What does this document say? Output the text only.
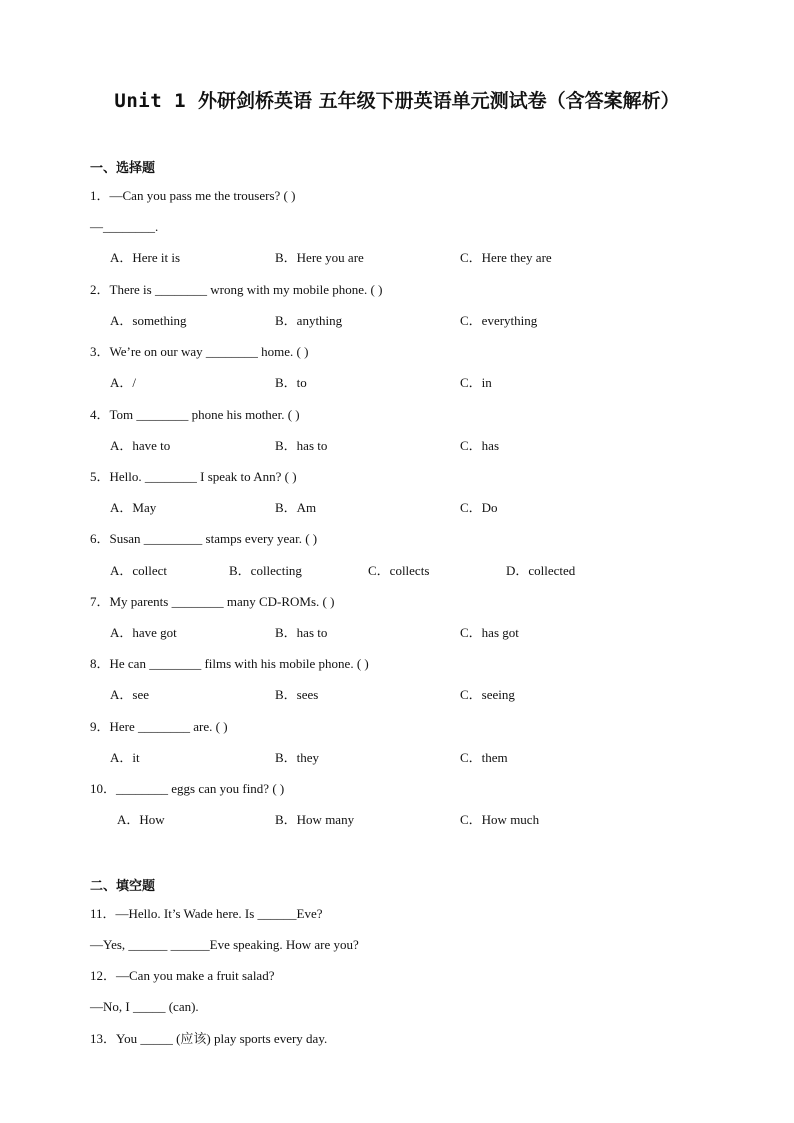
Unit 1 外研剑桥英语 五年级下册英语单元测试卷（含答案解析）
一、选择题
1．—Can you pass me the trousers? ( )
—________.
A．Here it is	B．Here you are	C．Here they are
2．There is ________ wrong with my mobile phone. ( )
A．something	B．anything	C．everything
3．We’re on our way ________ home. ( )
A．/	B．to	C．in
4．Tom ________ phone his mother. ( )
A．have to	B．has to	C．has
5．Hello. ________ I speak to Ann? ( )
A．May	B．Am	C．Do
6．Susan _________ stamps every year. ( )
A．collect	B．collecting	C．collects	D．collected
7．My parents ________ many CD-ROMs. ( )
A．have got	B．has to	C．has got
8．He can ________ films with his mobile phone. ( )
A．see	B．sees	C．seeing
9．Here ________ are. ( )
A．it	B．they	C．them
10．________ eggs can you find? ( )
A．How	B．How many	C．How much
二、填空题
11．—Hello. It’s Wade here. Is ______Eve?
—Yes, ______ ______Eve speaking. How are you?
12．—Can you make a fruit salad?
—No, I _____ (can).
13．You _____ (应该) play sports every day.
